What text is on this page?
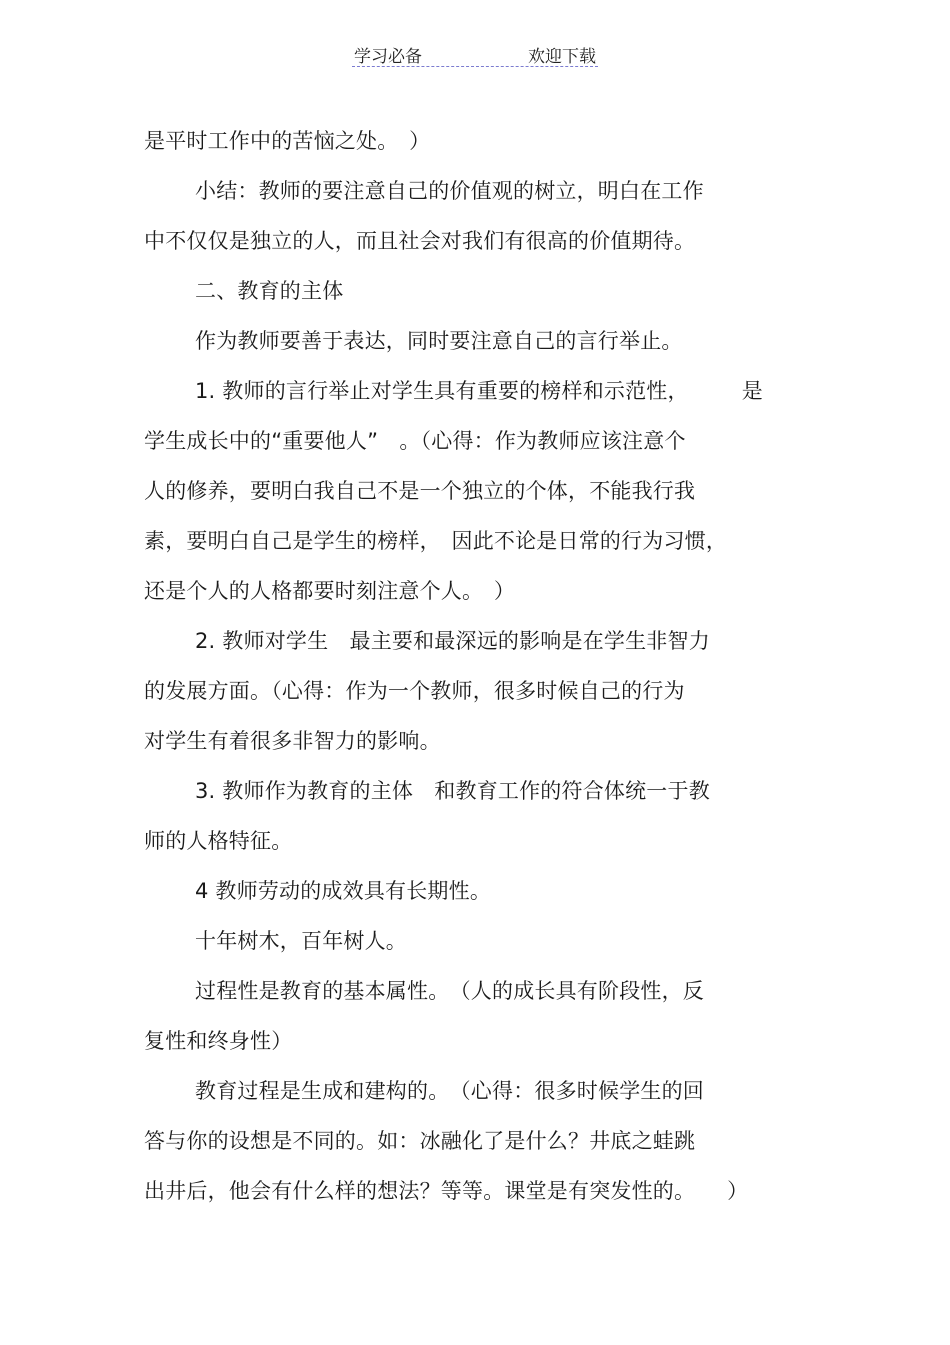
学习必备	欢迎下载
是平时工作中的苦恼之处。　）
小结：教师的要注意自己的价值观的树立，明白在工作
中不仅仅是独立的人，而且社会对我们有很高的价值期待。
二、教育的主体
作为教师要善于表达，同时要注意自己的言行举止。
1. 教师的言行举止对学生具有重要的榜样和示范性，　　　是
学生成长中的“重要他人”　。（心得：作为教师应该注意个
人的修养，要明白我自己不是一个独立的个体，不能我行我
素，要明白自己是学生的榜样，　因此不论是日常的行为习惯，
还是个人的人格都要时刻注意个人。　）
2. 教师对学生　最主要和最深远的影响是在学生非智力
的发展方面。（心得：作为一个教师，很多时候自己的行为
对学生有着很多非智力的影响。
3. 教师作为教育的主体　和教育工作的符合体统一于教
师的人格特征。
4 教师劳动的成效具有长期性。
十年树木，百年树人。
过程性是教育的基本属性。　（人的成长具有阶段性，反
复性和终身性）
教育过程是生成和建构的。　（心得：很多时候学生的回
答与你的设想是不同的。如：冰融化了是什么？井底之蛙跳
出井后，他会有什么样的想法？等等。课堂是有突发性的。　　）
